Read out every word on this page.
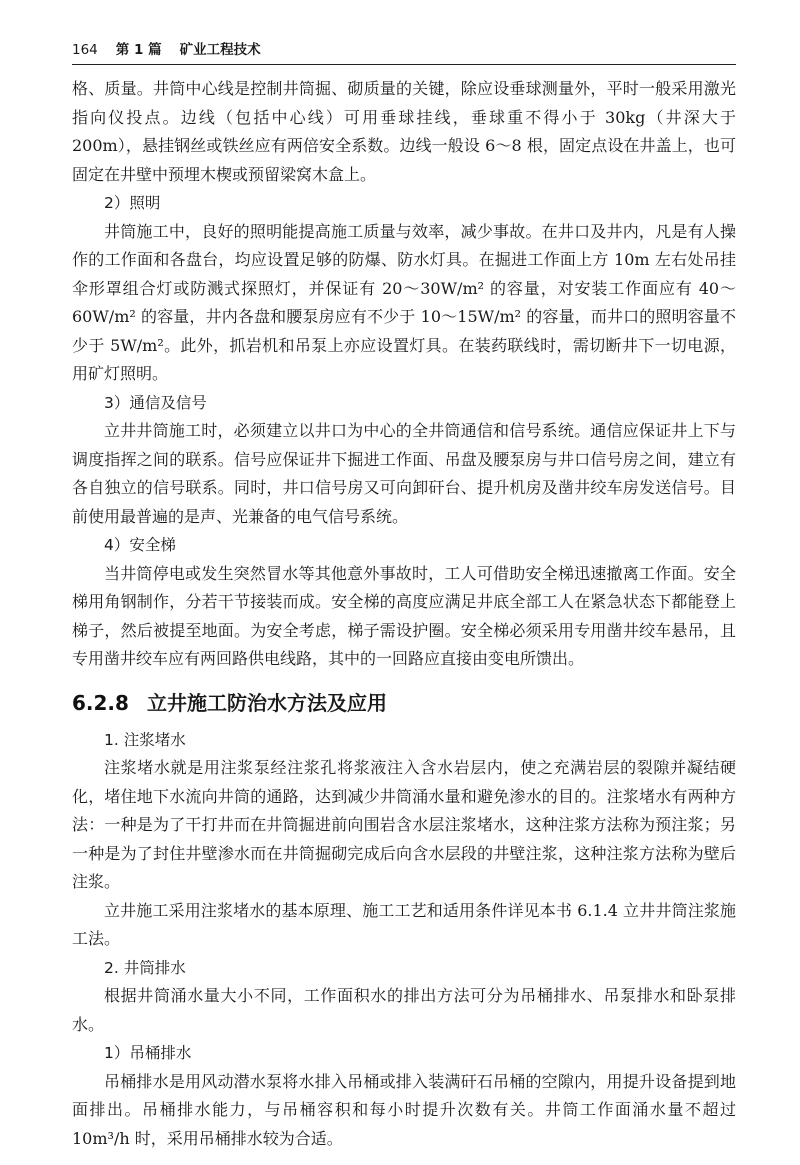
164 第 1 篇 矿业工程技术

格、质量。井筒中心线是控制井筒掘、砌质量的关键，除应设垂球测量外，平时一般采用激光指向仪投点。边线（包括中心线）可用垂球挂线，垂球重不得小于 30kg（井深大于 200m），悬挂钢丝或铁丝应有两倍安全系数。边线一般设 6～8 根，固定点设在井盖上，也可固定在井壁中预埋木楔或预留梁窝木盒上。

2）照明

井筒施工中，良好的照明能提高施工质量与效率，减少事故。在井口及井内，凡是有人操作的工作面和各盘台，均应设置足够的防爆、防水灯具。在掘进工作面上方 10m 左右处吊挂伞形罩组合灯或防溅式探照灯，并保证有 20～30W/m² 的容量，对安装工作面应有 40～60W/m² 的容量，井内各盘和腰泵房应有不少于 10～15W/m² 的容量，而井口的照明容量不少于 5W/m²。此外，抓岩机和吊泵上亦应设置灯具。在装药联线时，需切断井下一切电源，用矿灯照明。

3）通信及信号

立井井筒施工时，必须建立以井口为中心的全井筒通信和信号系统。通信应保证井上下与调度指挥之间的联系。信号应保证井下掘进工作面、吊盘及腰泵房与井口信号房之间，建立有各自独立的信号联系。同时，井口信号房又可向卸矸台、提升机房及凿井绞车房发送信号。目前使用最普遍的是声、光兼备的电气信号系统。

4）安全梯

当井筒停电或发生突然冒水等其他意外事故时，工人可借助安全梯迅速撤离工作面。安全梯用角钢制作，分若干节接装而成。安全梯的高度应满足井底全部工人在紧急状态下都能登上梯子，然后被提至地面。为安全考虑，梯子需设护圈。安全梯必须采用专用凿井绞车悬吊，且专用凿井绞车应有两回路供电线路，其中的一回路应直接由变电所馈出。

6.2.8 立井施工防治水方法及应用
1. 注浆堵水

注浆堵水就是用注浆泵经注浆孔将浆液注入含水岩层内，使之充满岩层的裂隙并凝结硬化，堵住地下水流向井筒的通路，达到减少井筒涌水量和避免渗水的目的。注浆堵水有两种方法：一种是为了干打井而在井筒掘进前向围岩含水层注浆堵水，这种注浆方法称为预注浆；另一种是为了封住井壁渗水而在井筒掘砌完成后向含水层段的井壁注浆，这种注浆方法称为壁后注浆。

立井施工采用注浆堵水的基本原理、施工工艺和适用条件详见本书 6.1.4 立井井筒注浆施工法。

2. 井筒排水

根据井筒涌水量大小不同，工作面积水的排出方法可分为吊桶排水、吊泵排水和卧泵排水。

1）吊桶排水

吊桶排水是用风动潜水泵将水排入吊桶或排入装满矸石吊桶的空隙内，用提升设备提到地面排出。吊桶排水能力，与吊桶容积和每小时提升次数有关。井筒工作面涌水量不超过 10m³/h 时，采用吊桶排水较为合适。
